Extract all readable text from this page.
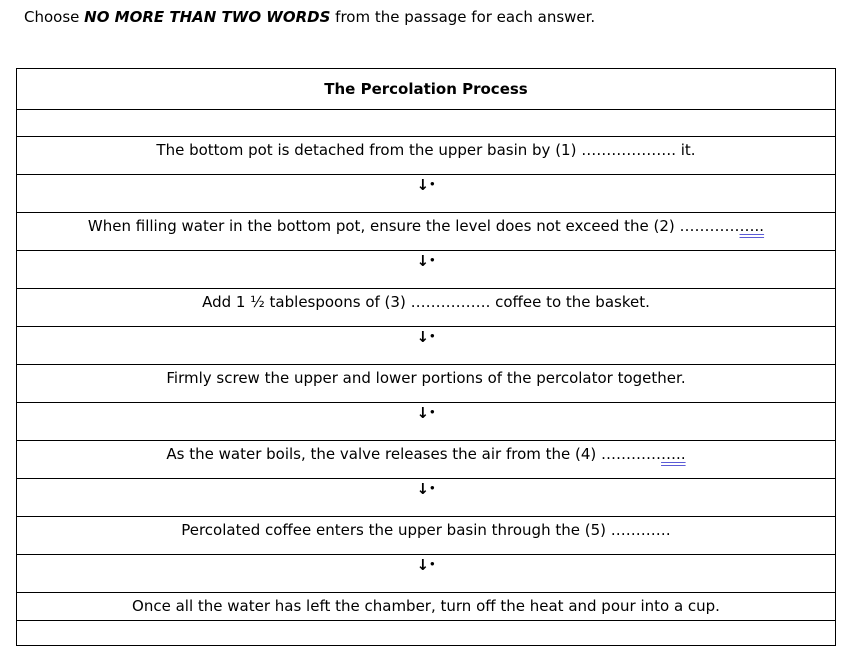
Choose NO MORE THAN TWO WORDS from the passage for each answer.
The Percolation Process

The bottom pot is detached from the upper basin by (1) ………………. it.
↓•
When filling water in the bottom pot, ensure the level does not exceed the (2) ……………..
↓•
Add 1 ½ tablespoons of (3) ……………. coffee to the basket.
↓•
Firmly screw the upper and lower portions of the percolator together.
↓•
As the water boils, the valve releases the air from the (4) ……………..
↓•
Percolated coffee enters the upper basin through the (5) …………
↓•
Once all the water has left the chamber, turn off the heat and pour into a cup.
